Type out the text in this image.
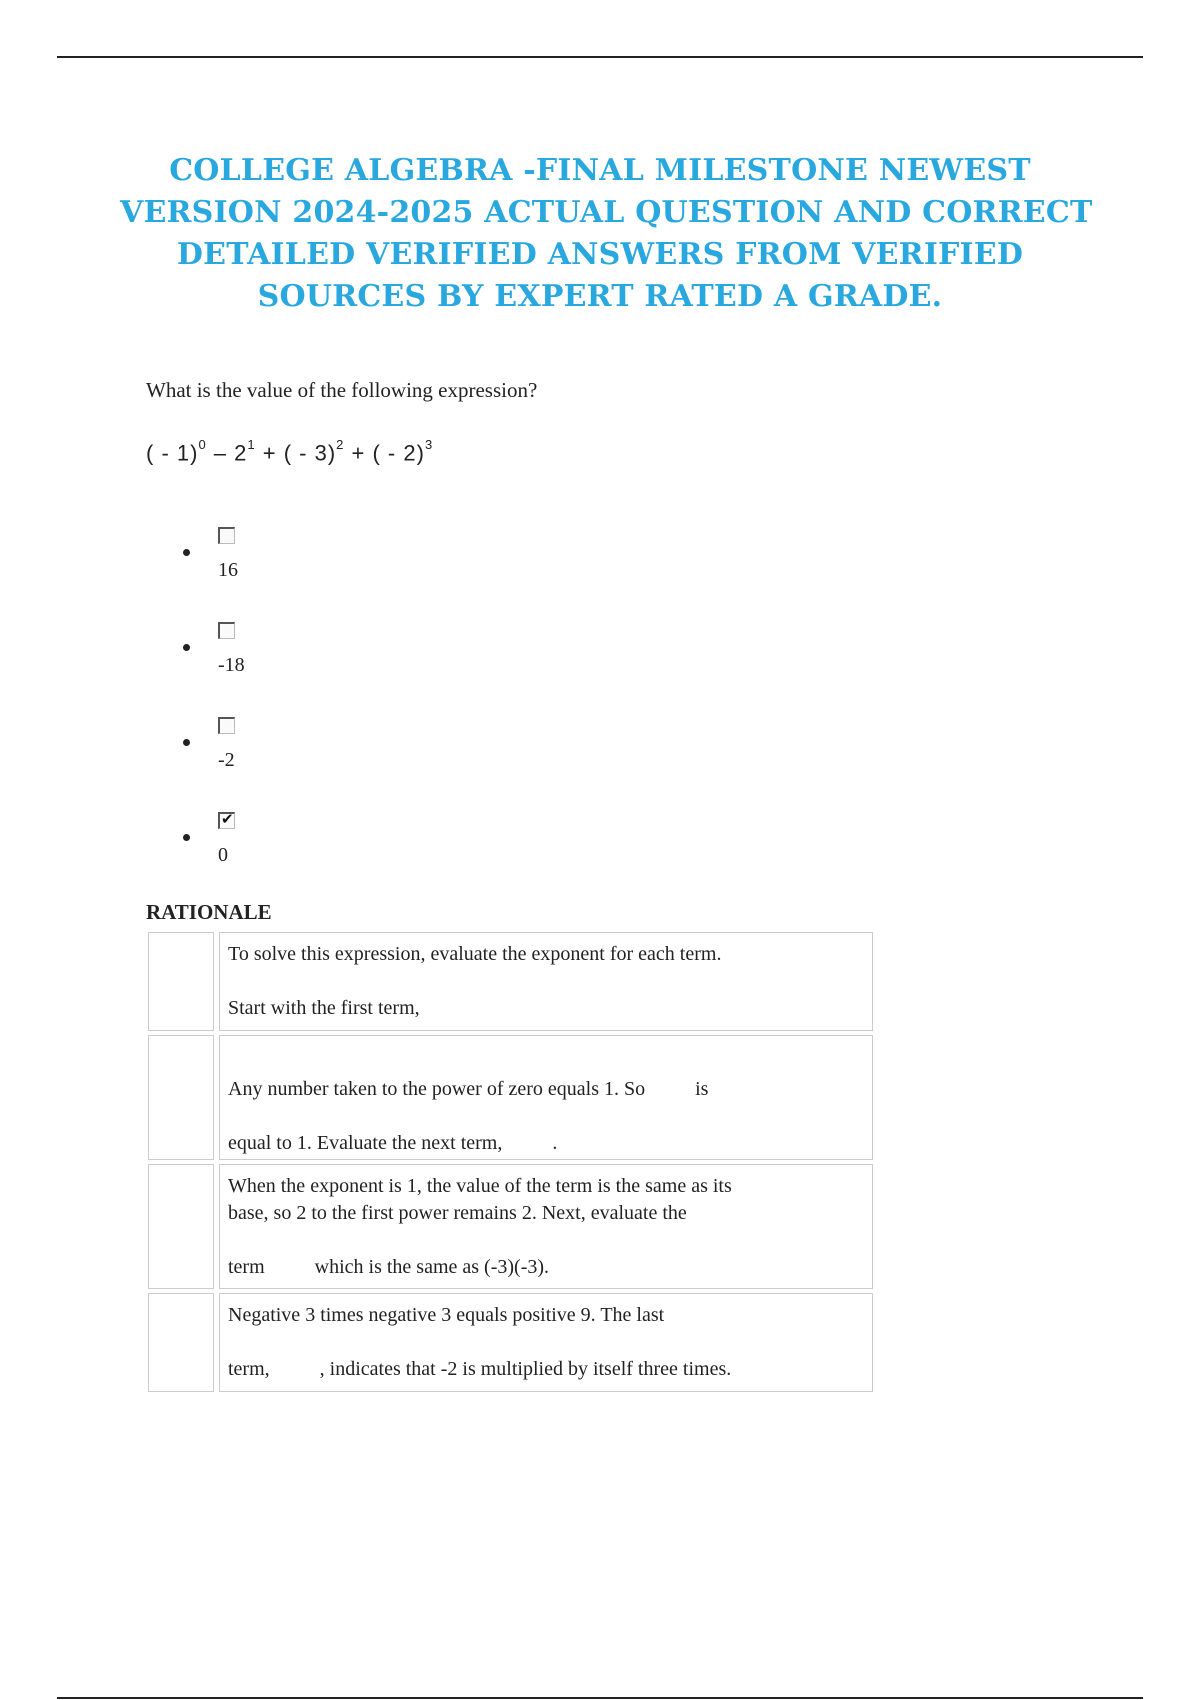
COLLEGE ALGEBRA -FINAL MILESTONE NEWEST
VERSION 2024-2025 ACTUAL QUESTION AND CORRECT
DETAILED VERIFIED ANSWERS FROM VERIFIED
SOURCES BY EXPERT RATED A GRADE.
What is the value of the following expression?
( - $1)^0 - 2^1$ + ( - 3)$^2$ + ( - 2)$^3$
16
-18
-2
✔
0
RATIONALE

To solve this expression, evaluate the exponent for each term.

Start with the first term,

Any number taken to the power of zero equals 1. So          is

equal to 1. Evaluate the next term,          .

When the exponent is 1, the value of the term is the same as its

base, so 2 to the first power remains 2. Next, evaluate the

term          which is the same as (-3)(-3).

Negative 3 times negative 3 equals positive 9. The last

term,          , indicates that -2 is multiplied by itself three times.
